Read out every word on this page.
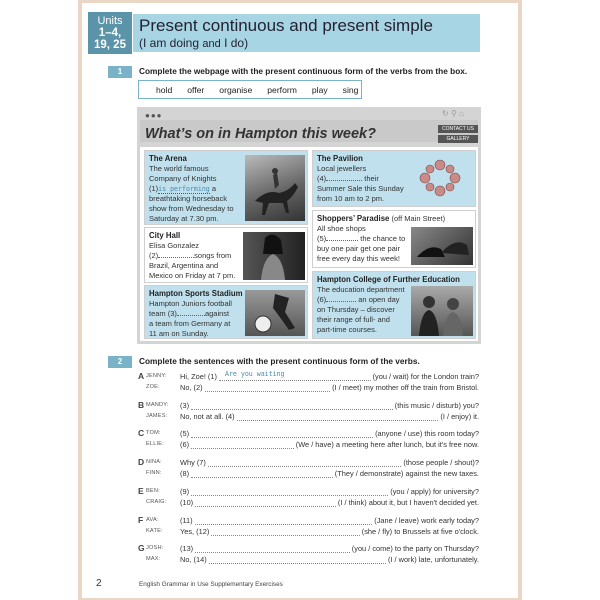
Units
1–4,
19, 25
Present continuous and present simple
(I am doing and I do)
1	Complete the webpage with the present continuous form of the verbs from the box.
hold offer organise perform play sing
●●●	↻ ⚲ ⌂
What’s on in Hampton this week?	CONTACT US
GALLERY
The Arena
The world famous
Company of Knights
(1)is performing a
breathtaking horseback
show from Wednesday to
Saturday at 7.30 pm.
City Hall
Elisa Gonzalez
(2)	songs from
Brazil, Argentina and
Mexico on Friday at 7 pm.
Hampton Sports Stadium
Hampton Juniors football
team (3)	against
a team from Germany at
11 am on Sunday.
The Pavilion
Local jewellers
(4)	their
Summer Sale this Sunday
from 10 am to 2 pm.
Shoppers’ Paradise (off Main Street)
All shoe shops
(5)	the chance to
buy one pair get one pair
free every day this week!
Hampton College of Further Education
The education department
(6)	an open day
on Thursday – discover
their range of full- and
part-time courses.
2	Complete the sentences with the present continuous form of the verbs.
A JENNY:
ZOE:
Hi, Zoe! (1)
No, (2)
(you / wait) for the London train?
(I / meet) my mother off the train from Bristol.
B MANDY:
JAMES:
(3)
No, not at all. (4)
(this music / disturb) you?
(I / enjoy) it.
C TOM:
ELLIE:
(5)
(6)
(anyone / use) this room today?
(We / have) a meeting here after lunch, but it's free now.
D NINA:
FINN:
Why (7)
(8)
(those people / shout)?
(They / demonstrate) against the new taxes.
E BEN:
CRAIG:
(9)
(10)
(you / apply) for university?
(I / think) about it, but I haven't decided yet.
F AVA:
KATE:
(11)
Yes, (12)
(Jane / leave) work early today?
(she / fly) to Brussels at five o'clock.
G JOSH:
MAX:
(13)
No, (14)
(you / come) to the party on Thursday?
(I / work) late, unfortunately.
Are you waiting
2	English Grammar in Use Supplementary Exercises
